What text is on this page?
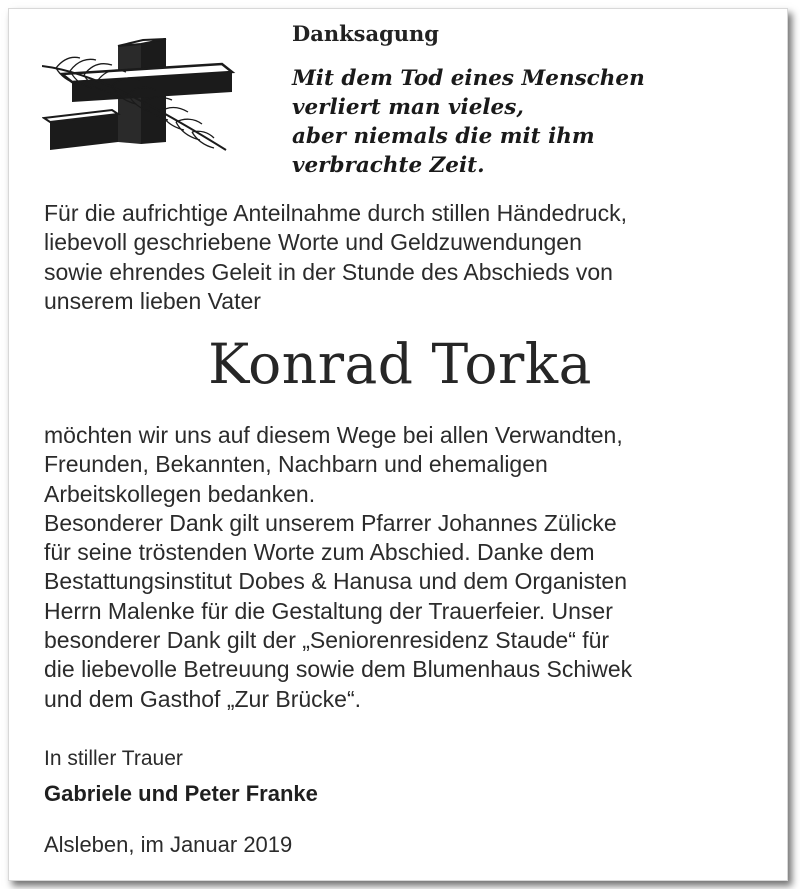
Danksagung

Mit dem Tod eines Menschen
verliert man vieles,
aber niemals die mit ihm
verbrachte Zeit.

Für die aufrichtige Anteilnahme durch stillen Händedruck,
liebevoll geschriebene Worte und Geldzuwendungen
sowie ehrendes Geleit in der Stunde des Abschieds von
unserem lieben Vater

Konrad Torka

möchten wir uns auf diesem Wege bei allen Verwandten,
Freunden, Bekannten, Nachbarn und ehemaligen
Arbeitskollegen bedanken.
Besonderer Dank gilt unserem Pfarrer Johannes Zülicke
für seine tröstenden Worte zum Abschied. Danke dem
Bestattungsinstitut Dobes & Hanusa und dem Organisten
Herrn Malenke für die Gestaltung der Trauerfeier. Unser
besonderer Dank gilt der „Seniorenresidenz Staude“ für
die liebevolle Betreuung sowie dem Blumenhaus Schiwek
und dem Gasthof „Zur Brücke“.

In stiller Trauer

Gabriele und Peter Franke

Alsleben, im Januar 2019
